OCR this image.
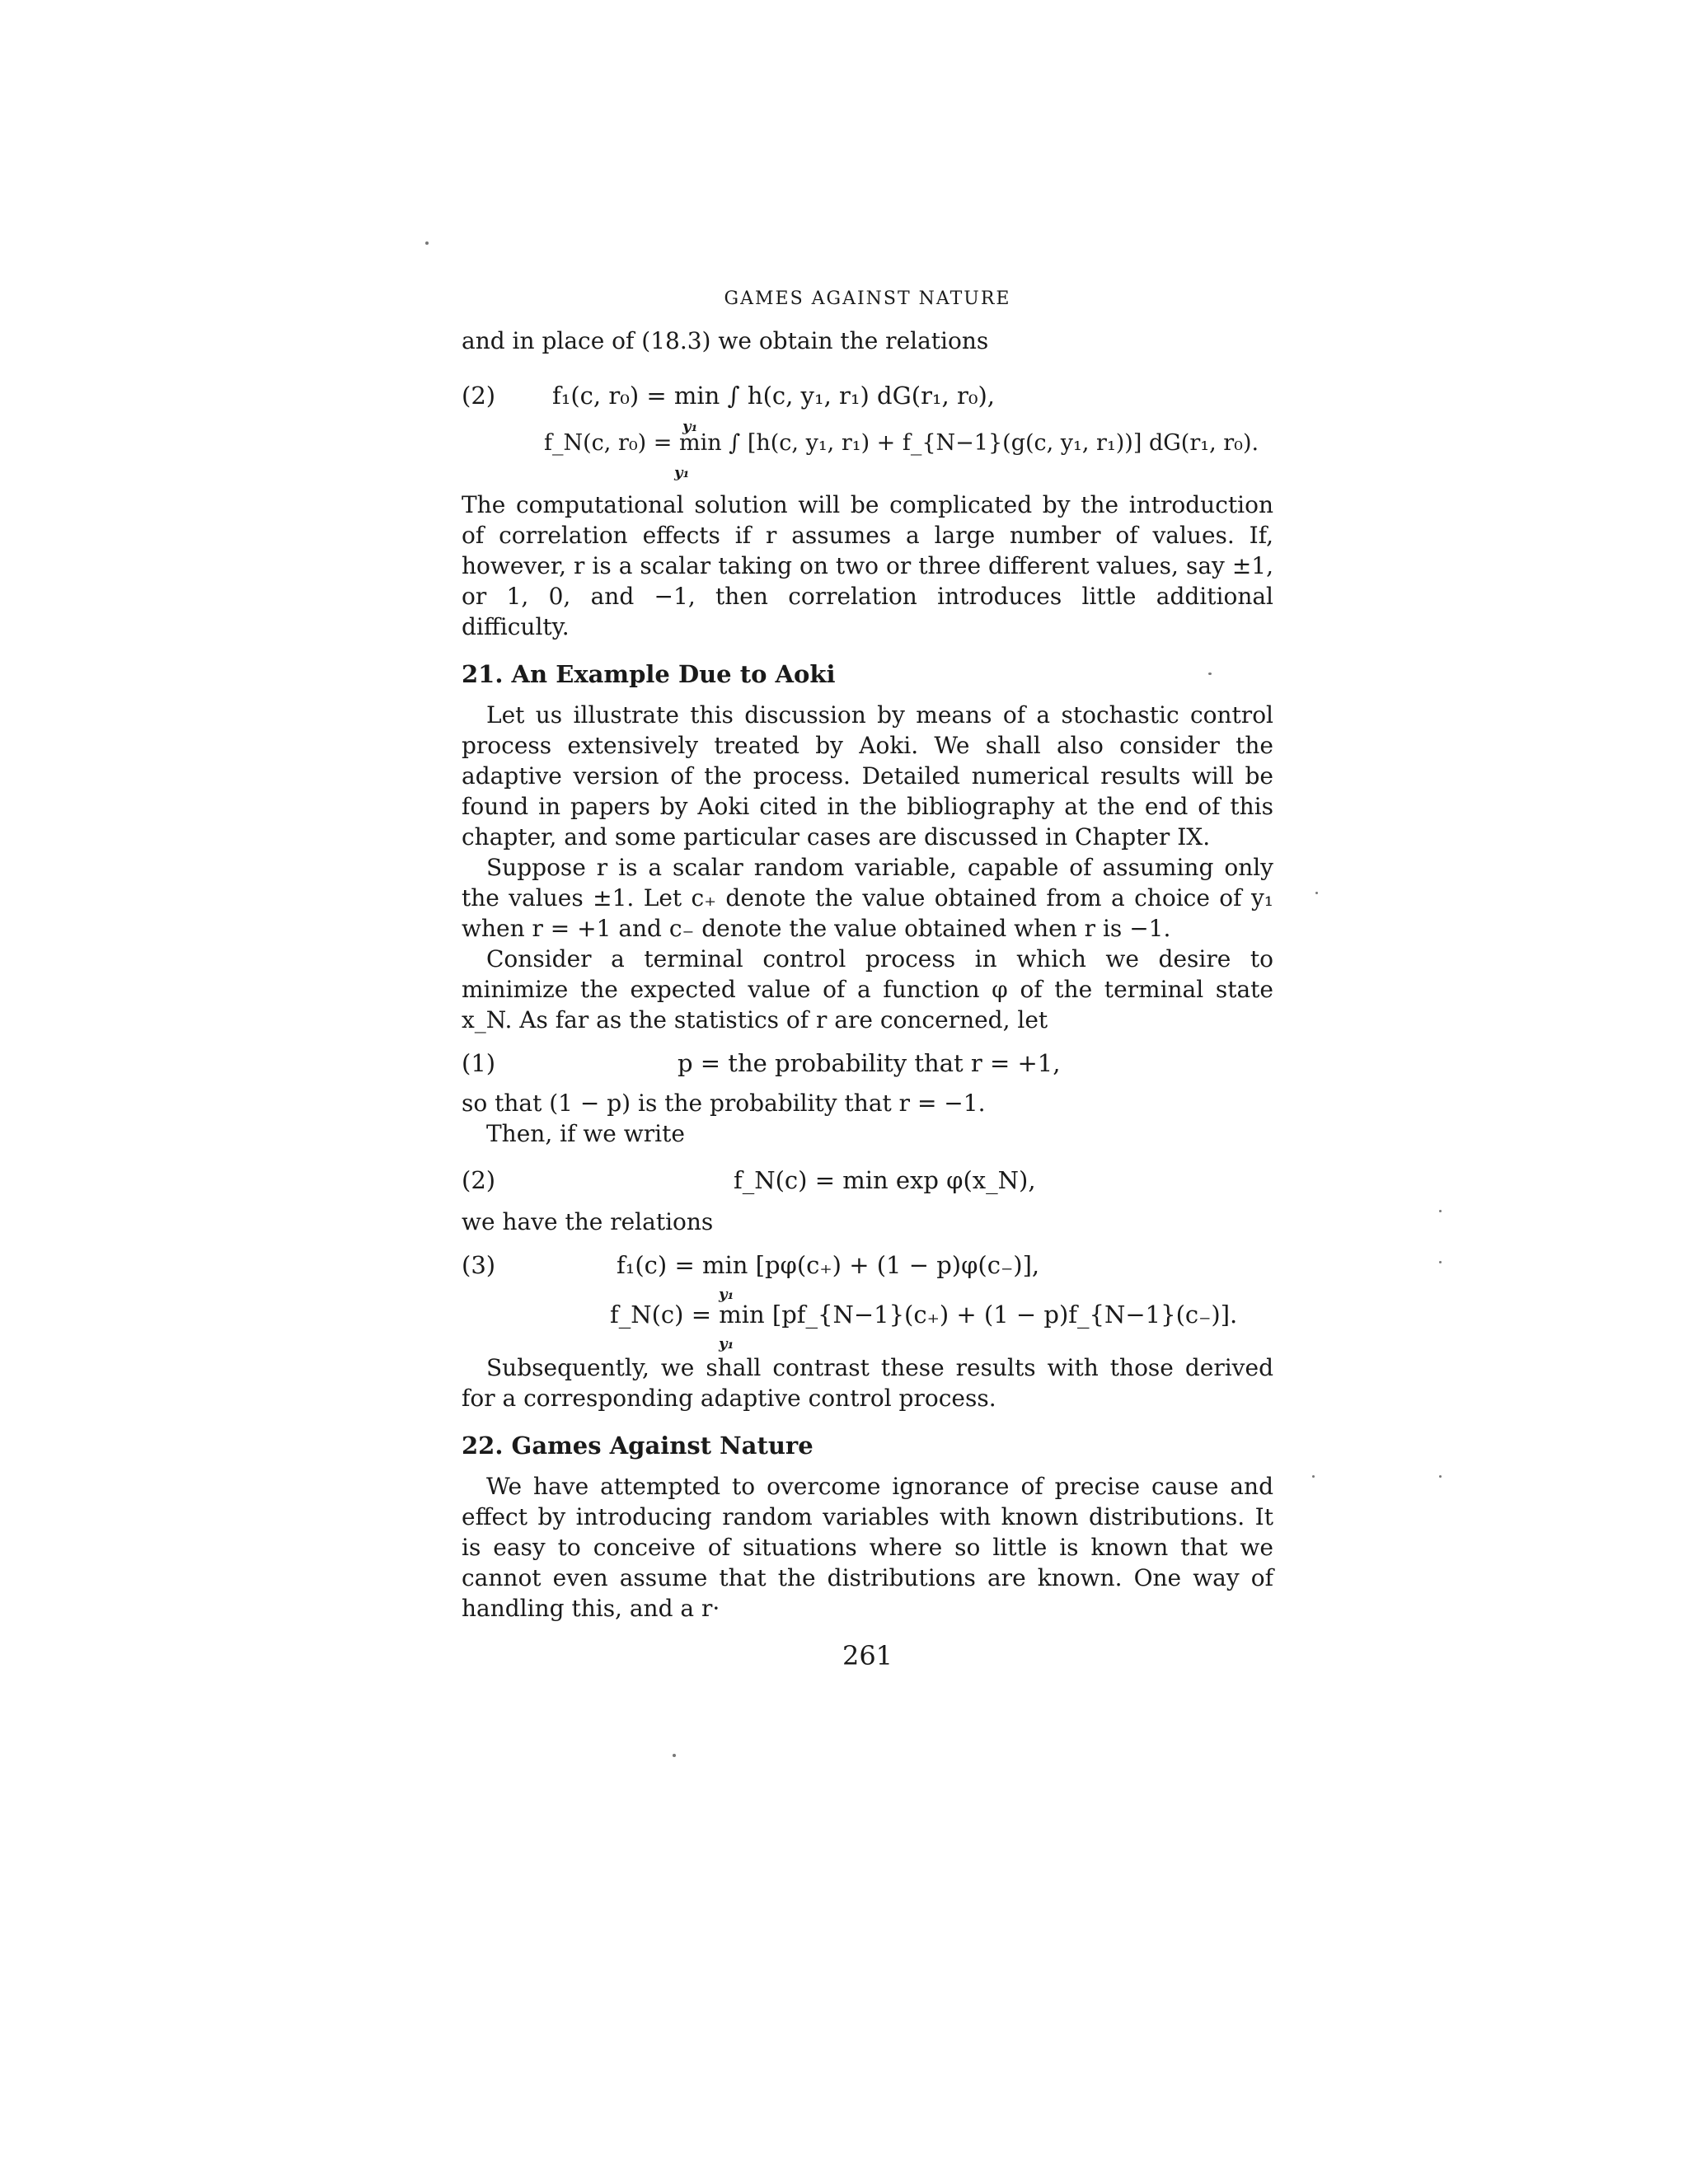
GAMES AGAINST NATURE

and in place of (18.3) we obtain the relations

(2) f₁(c, r₀) = min ∫ h(c, y₁, r₁) dG(r₁, r₀),
y₁
f_N(c, r₀) = min ∫ [h(c, y₁, r₁) + f_{N−1}(g(c, y₁, r₁))] dG(r₁, r₀).
y₁

The computational solution will be complicated by the introduction of correlation effects if r assumes a large number of values. If, however, r is a scalar taking on two or three different values, say ±1, or 1, 0, and −1, then correlation introduces little additional difficulty.

21. An Example Due to Aoki

Let us illustrate this discussion by means of a stochastic control process extensively treated by Aoki. We shall also consider the adaptive version of the process. Detailed numerical results will be found in papers by Aoki cited in the bibliography at the end of this chapter, and some particular cases are discussed in Chapter IX.

Suppose r is a scalar random variable, capable of assuming only the values ±1. Let c₊ denote the value obtained from a choice of y₁ when r = +1 and c₋ denote the value obtained when r is −1.

Consider a terminal control process in which we desire to minimize the expected value of a function φ of the terminal state x_N. As far as the statistics of r are concerned, let

(1)	p = the probability that r = +1,

so that (1 − p) is the probability that r = −1.

Then, if we write

(2)	f_N(c) = min exp φ(x_N),

we have the relations

(3)	f₁(c) = min [pφ(c₊) + (1 − p)φ(c₋)],
y₁
f_N(c) = min [pf_{N−1}(c₊) + (1 − p)f_{N−1}(c₋)].
y₁

Subsequently, we shall contrast these results with those derived for a corresponding adaptive control process.

22. Games Against Nature

We have attempted to overcome ignorance of precise cause and effect by introducing random variables with known distributions. It is easy to conceive of situations where so little is known that we cannot even assume that the distributions are known. One way of handling this, and a r·

261
